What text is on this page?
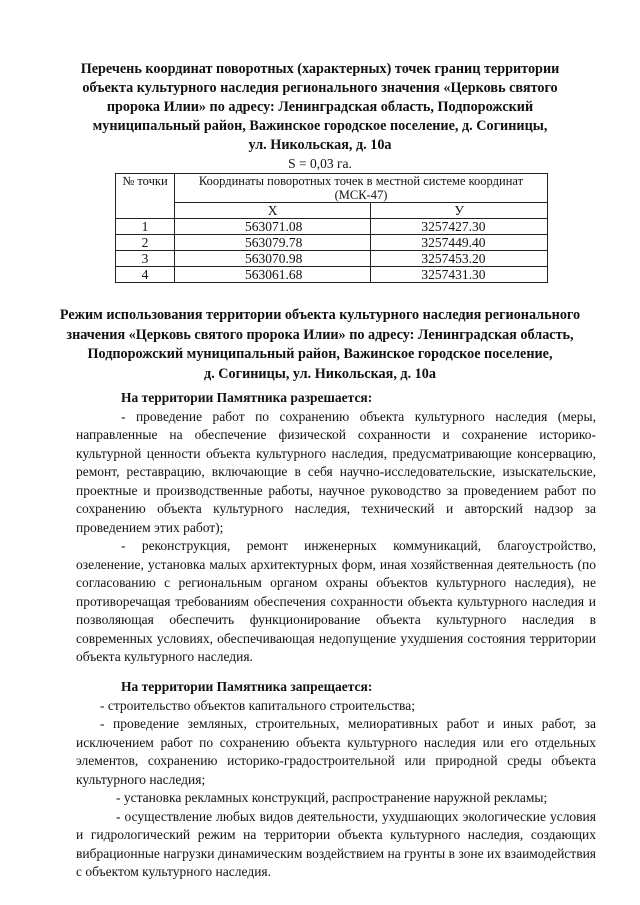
Перечень координат поворотных (характерных) точек границ территории
объекта культурного наследия регионального значения «Церковь святого
пророка Илии» по адресу: Ленинградская область, Подпорожский
муниципальный район, Важинское городское поселение, д. Согиницы,
ул. Никольская, д. 10а
S = 0,03 га.
№ точки	Координаты поворотных точек в местной системе координат (МСК-47)	
	X	У
1	563071.08	3257427.30
2	563079.78	3257449.40
3	563070.98	3257453.20
4	563061.68	3257431.30
Режим использования территории объекта культурного наследия регионального
значения «Церковь святого пророка Илии» по адресу: Ленинградская область,
Подпорожский муниципальный район, Важинское городское поселение,
д. Согиницы, ул. Никольская, д. 10а

На территории Памятника разрешается:

- проведение работ по сохранению объекта культурного наследия (меры, направленные на обеспечение физической сохранности и сохранение историко-культурной ценности объекта культурного наследия, предусматривающие консервацию, ремонт, реставрацию, включающие в себя научно-исследовательские, изыскательские, проектные и производственные работы, научное руководство за проведением работ по сохранению объекта культурного наследия, технический и авторский надзор за проведением этих работ);

- реконструкция, ремонт инженерных коммуникаций, благоустройство, озеленение, установка малых архитектурных форм, иная хозяйственная деятельность (по согласованию с региональным органом охраны объектов культурного наследия), не противоречащая требованиям обеспечения сохранности объекта культурного наследия и позволяющая обеспечить функционирование объекта культурного наследия в современных условиях, обеспечивающая недопущение ухудшения состояния территории объекта культурного наследия.

На территории Памятника запрещается:

- строительство объектов капитального строительства;

- проведение земляных, строительных, мелиоративных работ и иных работ, за исключением работ по сохранению объекта культурного наследия или его отдельных элементов, сохранению историко-градостроительной или природной среды объекта культурного наследия;

- установка рекламных конструкций, распространение наружной рекламы;

- осуществление любых видов деятельности, ухудшающих экологические условия и гидрологический режим на территории объекта культурного наследия, создающих вибрационные нагрузки динамическим воздействием на грунты в зоне их взаимодействия с объектом культурного наследия.
